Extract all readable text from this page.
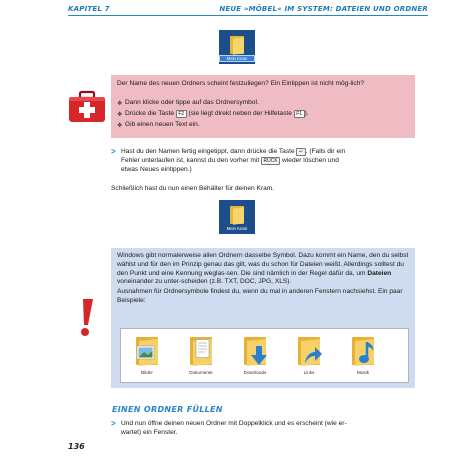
KAPITEL 7	NEUE »MÖBEL« IM SYSTEM: DATEIEN UND ORDNER
Mein Kram
Der Name des neuen Ordners scheint festzuliegen? Ein Eintippen ist nicht mög-lich?
❖ Dann klicke oder tippe auf das Ordnersymbol.
❖ Drücke die Taste F2 (sie liegt direkt neben der Hilfetaste F1 ).
❖ Gib einen neuen Text ein.
> Hast du den Namen fertig eingetippt, dann drücke die Taste ↵ . (Falls dir ein
Fehler unterlaufen ist, kannst du den vorher mit RÜCK wieder löschen und
etwas Neues eintippen.)
Schließlich hast du nun einen Behälter für deinen Kram.
Mein Kram
Windows gibt normalerweise allen Ordnern dasselbe Symbol. Dazu kommt ein Name, den du selbst wählst und für den im Prinzip genau das gilt, was du schon für Dateien weißt. Allerdings solltest du den Punkt und eine Kennung weglas-sen. Die sind nämlich in der Regel dafür da, um Dateien voneinander zu unter-scheiden (z.B. TXT, DOC, JPG, XLS).
Ausnahmen für Ordnersymbole findest du, wenn du mal in anderen Fenstern nachsiehst. Ein paar Beispiele:
Bilder	Dokumente	Downloads	Links	Musik
EINEN ORDNER FÜLLEN
> Und nun öffne deinen neuen Ordner mit Doppelklick und es erscheint (wie er-
wartet) ein Fenster.
136
